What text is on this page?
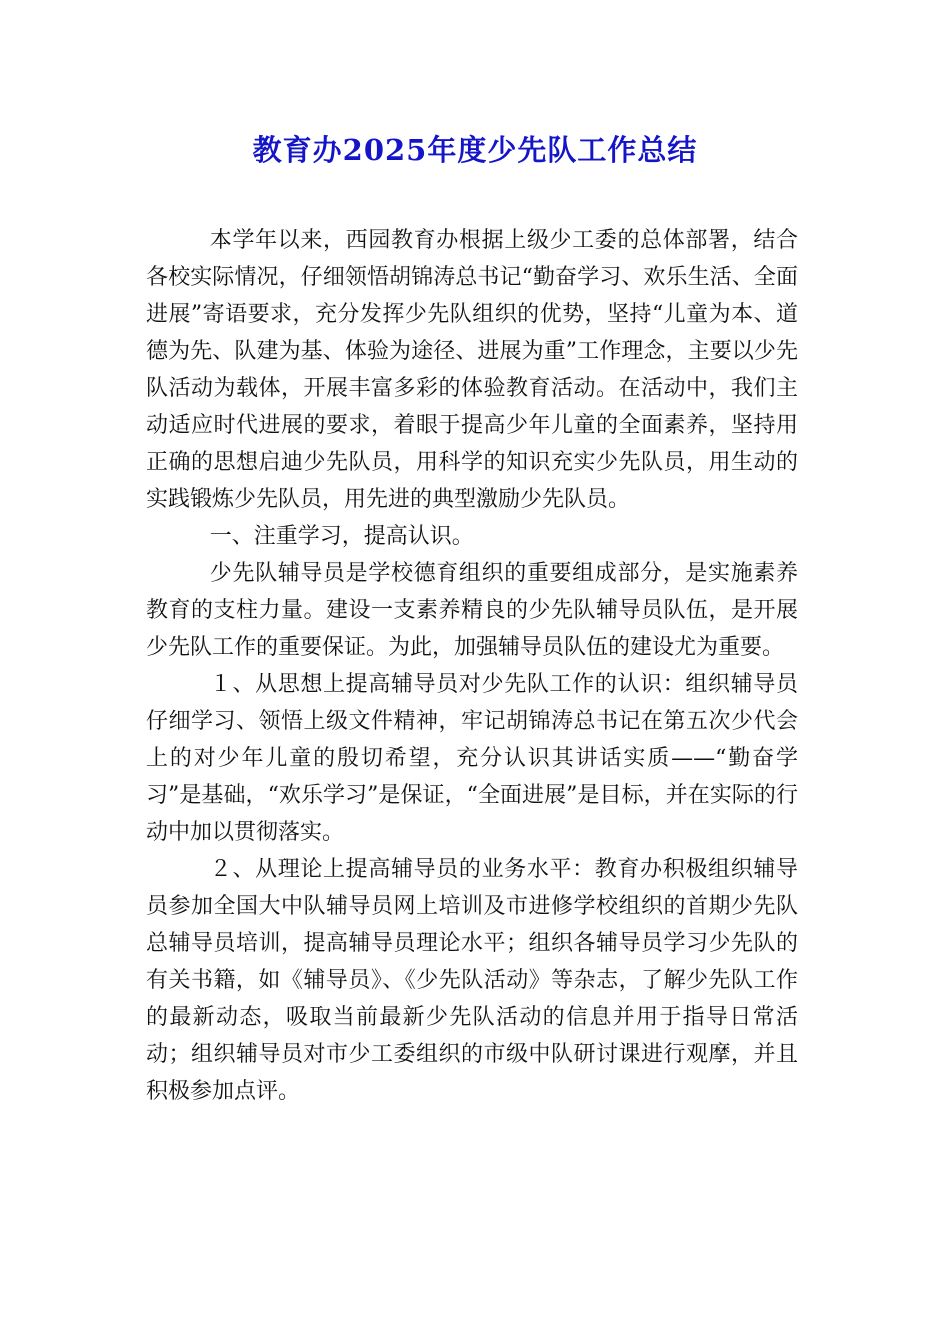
教育办2025年度少先队工作总结

本学年以来，西园教育办根据上级少工委的总体部署，结合各校实际情况，仔细领悟胡锦涛总书记“勤奋学习、欢乐生活、全面进展”寄语要求，充分发挥少先队组织的优势，坚持“儿童为本、道德为先、队建为基、体验为途径、进展为重”工作理念，主要以少先队活动为载体，开展丰富多彩的体验教育活动。在活动中，我们主动适应时代进展的要求，着眼于提高少年儿童的全面素养，坚持用正确的思想启迪少先队员，用科学的知识充实少先队员，用生动的实践锻炼少先队员，用先进的典型激励少先队员。

一、注重学习，提高认识。

少先队辅导员是学校德育组织的重要组成部分，是实施素养教育的支柱力量。建设一支素养精良的少先队辅导员队伍，是开展少先队工作的重要保证。为此，加强辅导员队伍的建设尤为重要。

１、从思想上提高辅导员对少先队工作的认识：组织辅导员仔细学习、领悟上级文件精神，牢记胡锦涛总书记在第五次少代会上的对少年儿童的殷切希望，充分认识其讲话实质——“勤奋学习”是基础，“欢乐学习”是保证，“全面进展”是目标，并在实际的行动中加以贯彻落实。

２、从理论上提高辅导员的业务水平：教育办积极组织辅导员参加全国大中队辅导员网上培训及市进修学校组织的首期少先队总辅导员培训，提高辅导员理论水平；组织各辅导员学习少先队的有关书籍，如《辅导员》、《少先队活动》等杂志，了解少先队工作的最新动态，吸取当前最新少先队活动的信息并用于指导日常活动；组织辅导员对市少工委组织的市级中队研讨课进行观摩，并且积极参加点评。
